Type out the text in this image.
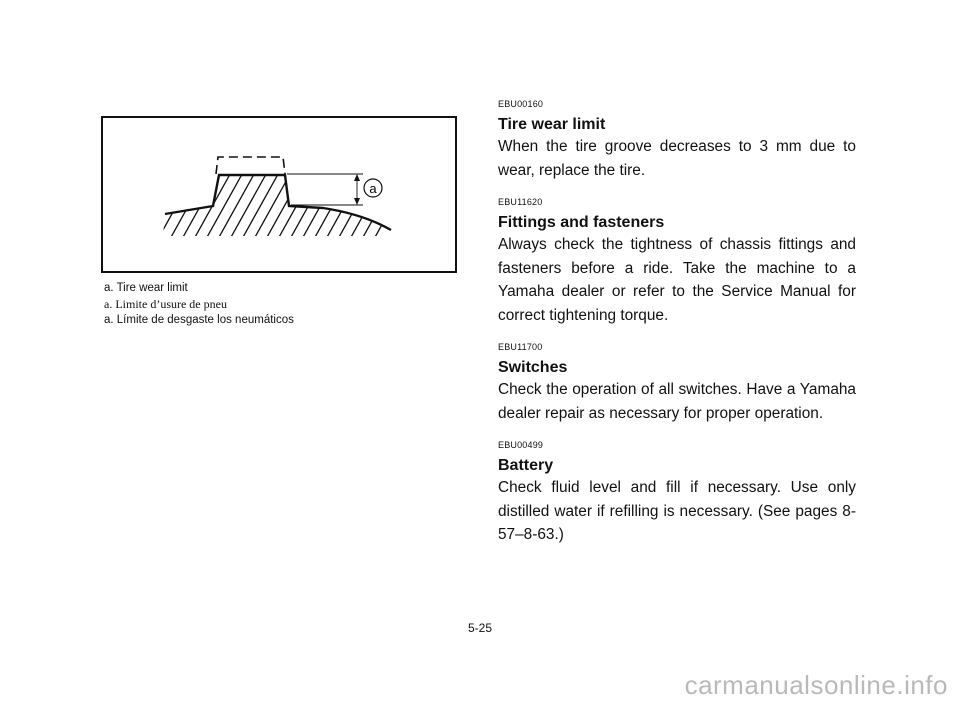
a
a. Tire wear limit
a. Limite d’usure de pneu
a. Límite de desgaste los neumáticos
EBU00160
Tire wear limit
When the tire groove decreases to 3 mm due to wear, replace the tire.
EBU11620
Fittings and fasteners
Always check the tightness of chassis fittings and fasteners before a ride. Take the machine to a Yamaha dealer or refer to the Service Manual for correct tightening torque.
EBU11700
Switches
Check the operation of all switches. Have a Yamaha dealer repair as necessary for proper operation.
EBU00499
Battery
Check fluid level and fill if necessary. Use only distilled water if refilling is necessary. (See pages 8-57–8-63.)
5-25
carmanualsonline.info
